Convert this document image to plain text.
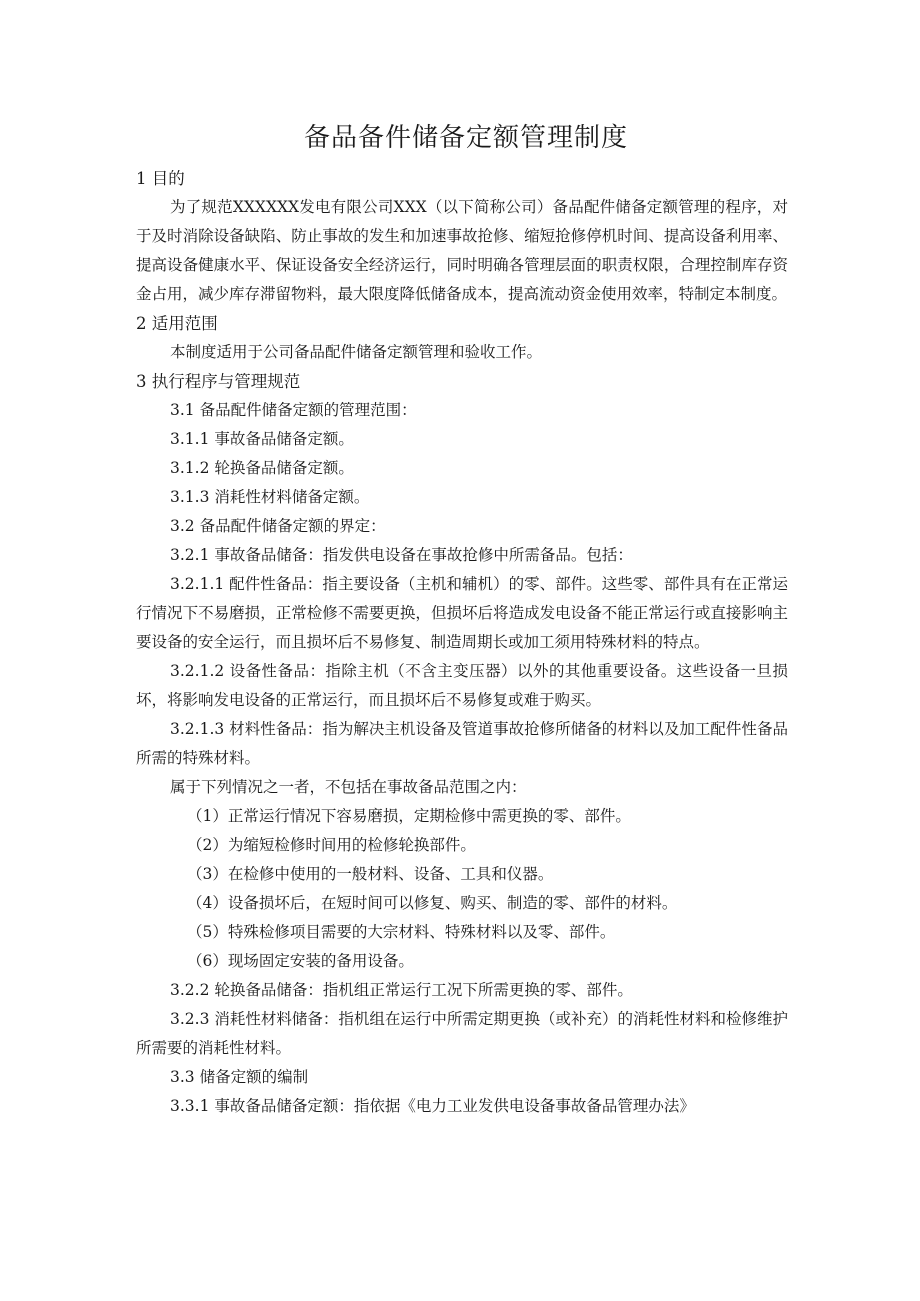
备品备件储备定额管理制度
1 目的
为了规范XXXXXX发电有限公司XXX（以下简称公司）备品配件储备定额管理的程序，对于及时消除设备缺陷、防止事故的发生和加速事故抢修、缩短抢修停机时间、提高设备利用率、提高设备健康水平、保证设备安全经济运行，同时明确各管理层面的职责权限，合理控制库存资金占用，减少库存滞留物料，最大限度降低储备成本，提高流动资金使用效率，特制定本制度。
2 适用范围
本制度适用于公司备品配件储备定额管理和验收工作。
3 执行程序与管理规范
3.1 备品配件储备定额的管理范围：
3.1.1 事故备品储备定额。
3.1.2 轮换备品储备定额。
3.1.3 消耗性材料储备定额。
3.2 备品配件储备定额的界定：
3.2.1 事故备品储备：指发供电设备在事故抢修中所需备品。包括：
3.2.1.1 配件性备品：指主要设备（主机和辅机）的零、部件。这些零、部件具有在正常运行情况下不易磨损，正常检修不需要更换，但损坏后将造成发电设备不能正常运行或直接影响主要设备的安全运行，而且损坏后不易修复、制造周期长或加工须用特殊材料的特点。
3.2.1.2 设备性备品：指除主机（不含主变压器）以外的其他重要设备。这些设备一旦损坏，将影响发电设备的正常运行，而且损坏后不易修复或难于购买。
3.2.1.3 材料性备品：指为解决主机设备及管道事故抢修所储备的材料以及加工配件性备品所需的特殊材料。
属于下列情况之一者，不包括在事故备品范围之内：
（1）正常运行情况下容易磨损，定期检修中需更换的零、部件。
（2）为缩短检修时间用的检修轮换部件。
（3）在检修中使用的一般材料、设备、工具和仪器。
（4）设备损坏后，在短时间可以修复、购买、制造的零、部件的材料。
（5）特殊检修项目需要的大宗材料、特殊材料以及零、部件。
（6）现场固定安装的备用设备。
3.2.2 轮换备品储备：指机组正常运行工况下所需更换的零、部件。
3.2.3 消耗性材料储备：指机组在运行中所需定期更换（或补充）的消耗性材料和检修维护所需要的消耗性材料。
3.3 储备定额的编制
3.3.1 事故备品储备定额：指依据《电力工业发供电设备事故备品管理办法》
